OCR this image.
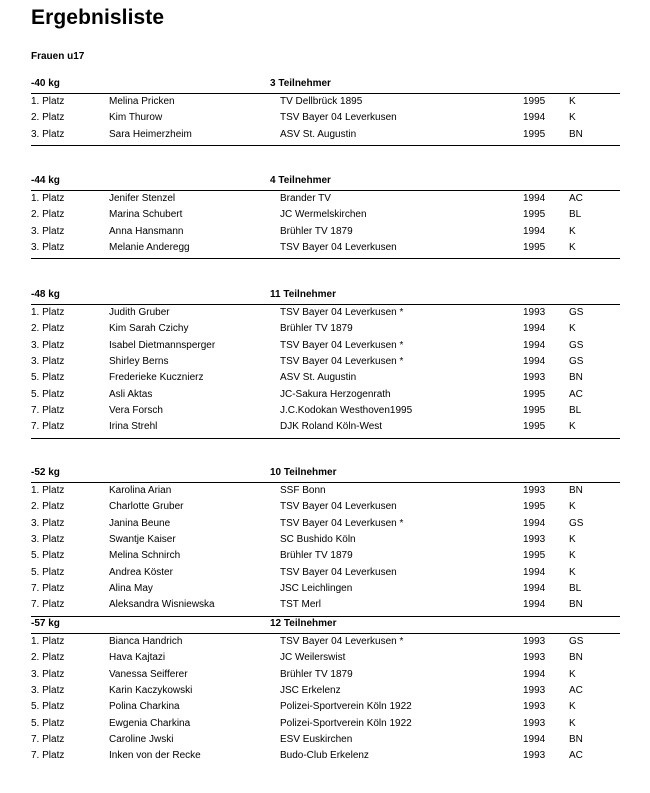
Ergebnisliste
Frauen u17
-40 kg	3 Teilnehmer
1. Platz	Melina Pricken	TV Dellbrück 1895	1995 K
2. Platz	Kim Thurow	TSV Bayer 04 Leverkusen	1994 K
3. Platz	Sara Heimerzheim	ASV St. Augustin	1995 BN
-44 kg	4 Teilnehmer
1. Platz	Jenifer Stenzel	Brander TV	1994 AC
2. Platz	Marina Schubert	JC Wermelskirchen	1995 BL
3. Platz	Anna Hansmann	Brühler TV 1879	1994 K
3. Platz	Melanie Anderegg	TSV Bayer 04 Leverkusen	1995 K
-48 kg	11 Teilnehmer
1. Platz	Judith Gruber	TSV Bayer 04 Leverkusen *	1993 GS
2. Platz	Kim Sarah Czichy	Brühler TV 1879	1994 K
3. Platz	Isabel Dietmannsperger	TSV Bayer 04 Leverkusen *	1994 GS
3. Platz	Shirley Berns	TSV Bayer 04 Leverkusen *	1994 GS
5. Platz	Frederieke Kucznierz	ASV St. Augustin	1993 BN
5. Platz	Asli Aktas	JC-Sakura Herzogenrath	1995 AC
7. Platz	Vera Forsch	J.C.Kodokan Westhoven1995	1995 BL
7. Platz	Irina Strehl	DJK Roland Köln-West	1995 K
-52 kg	10 Teilnehmer
1. Platz	Karolina Arian	SSF Bonn	1993 BN
2. Platz	Charlotte Gruber	TSV Bayer 04 Leverkusen	1995 K
3. Platz	Janina Beune	TSV Bayer 04 Leverkusen *	1994 GS
3. Platz	Swantje Kaiser	SC Bushido Köln	1993 K
5. Platz	Melina Schnirch	Brühler TV 1879	1995 K
5. Platz	Andrea Köster	TSV Bayer 04 Leverkusen	1994 K
7. Platz	Alina May	JSC Leichlingen	1994 BL
7. Platz	Aleksandra Wisniewska	TST Merl	1994 BN
-57 kg	12 Teilnehmer
1. Platz	Bianca Handrich	TSV Bayer 04 Leverkusen *	1993 GS
2. Platz	Hava Kajtazi	JC Weilerswist	1993 BN
3. Platz	Vanessa Seifferer	Brühler TV 1879	1994 K
3. Platz	Karin Kaczykowski	JSC Erkelenz	1993 AC
5. Platz	Polina Charkina	Polizei-Sportverein Köln 1922	1993 K
5. Platz	Ewgenia Charkina	Polizei-Sportverein Köln 1922	1993 K
7. Platz	Caroline Jwski	ESV Euskirchen	1994 BN
7. Platz	Inken von der Recke	Budo-Club Erkelenz	1993 AC
